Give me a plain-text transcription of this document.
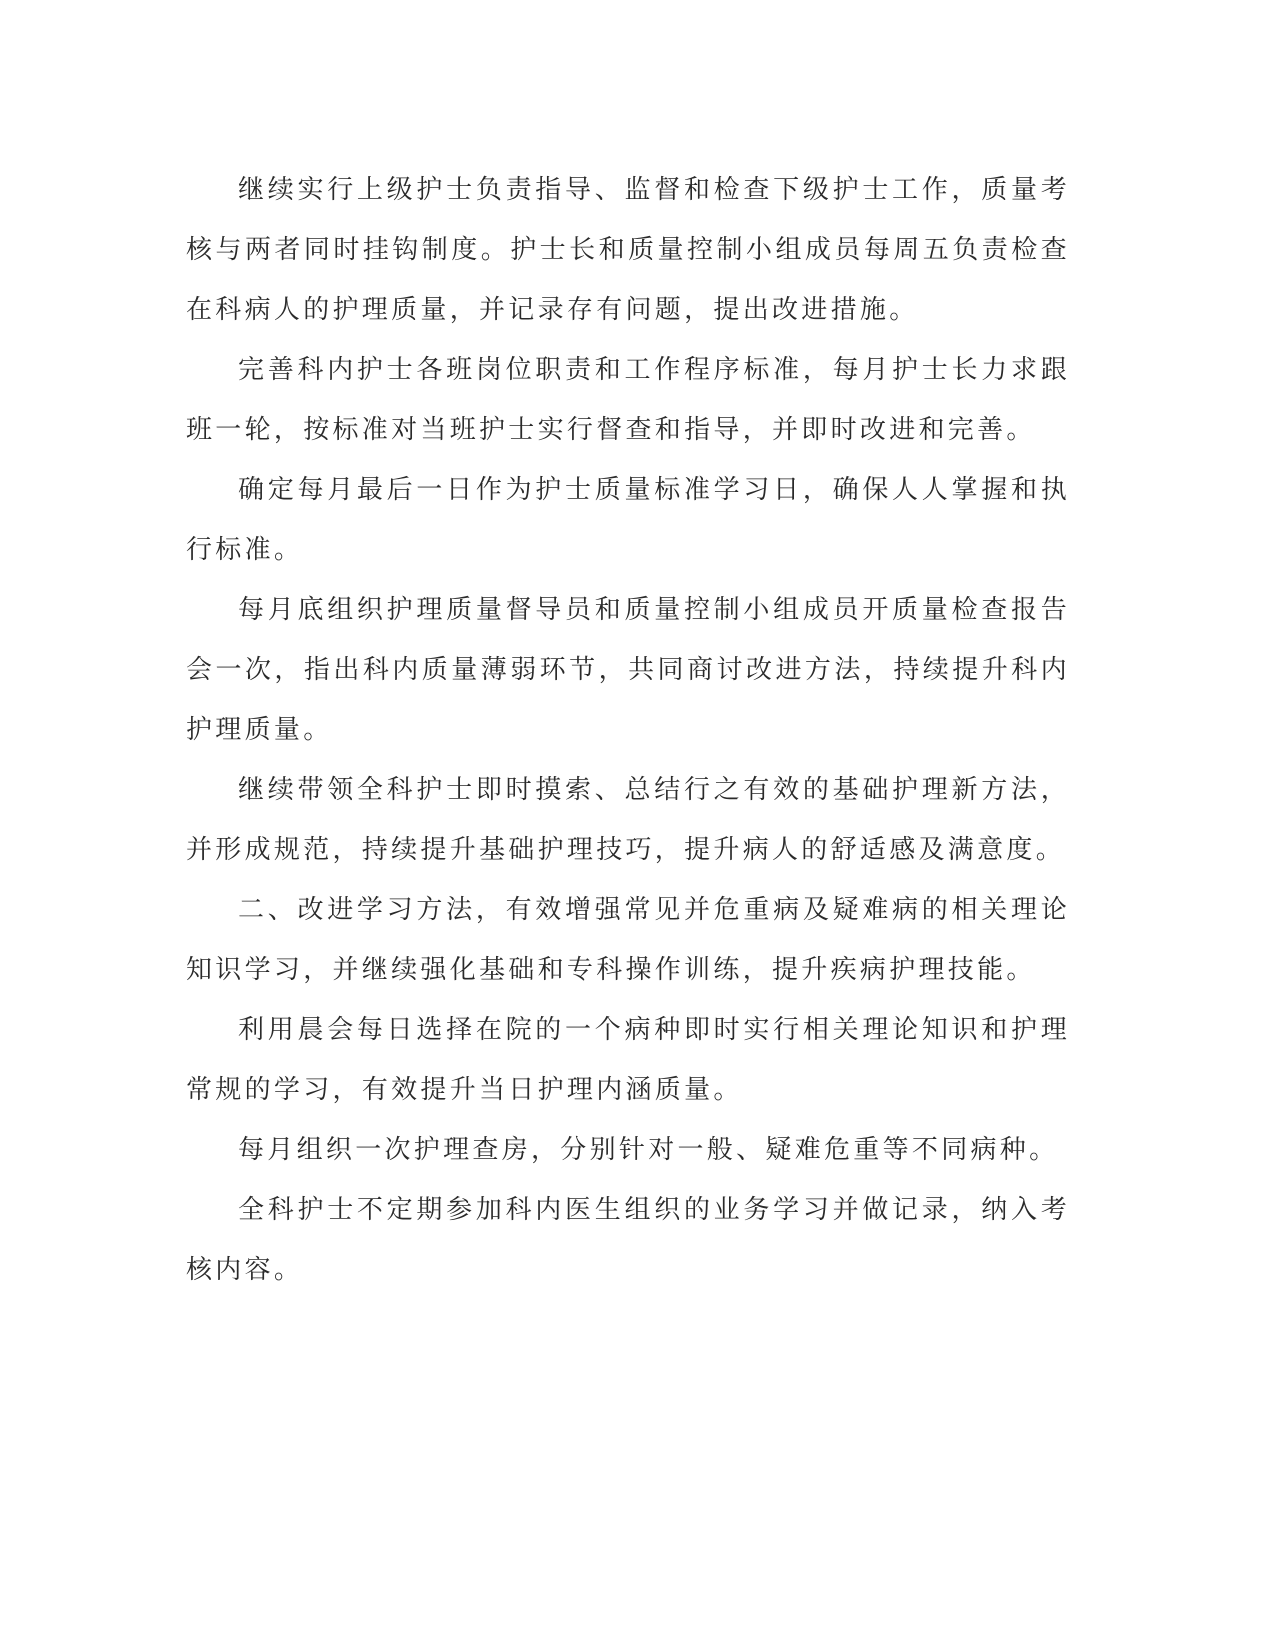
继续实行上级护士负责指导、监督和检查下级护士工作，质量考核与两者同时挂钩制度。护士长和质量控制小组成员每周五负责检查在科病人的护理质量，并记录存有问题，提出改进措施。

完善科内护士各班岗位职责和工作程序标准，每月护士长力求跟班一轮，按标准对当班护士实行督查和指导，并即时改进和完善。

确定每月最后一日作为护士质量标准学习日，确保人人掌握和执行标准。

每月底组织护理质量督导员和质量控制小组成员开质量检查报告会一次，指出科内质量薄弱环节，共同商讨改进方法，持续提升科内护理质量。

继续带领全科护士即时摸索、总结行之有效的基础护理新方法，并形成规范，持续提升基础护理技巧，提升病人的舒适感及满意度。

二、改进学习方法，有效增强常见并危重病及疑难病的相关理论知识学习，并继续强化基础和专科操作训练，提升疾病护理技能。

利用晨会每日选择在院的一个病种即时实行相关理论知识和护理常规的学习，有效提升当日护理内涵质量。

每月组织一次护理查房，分别针对一般、疑难危重等不同病种。

全科护士不定期参加科内医生组织的业务学习并做记录，纳入考核内容。
